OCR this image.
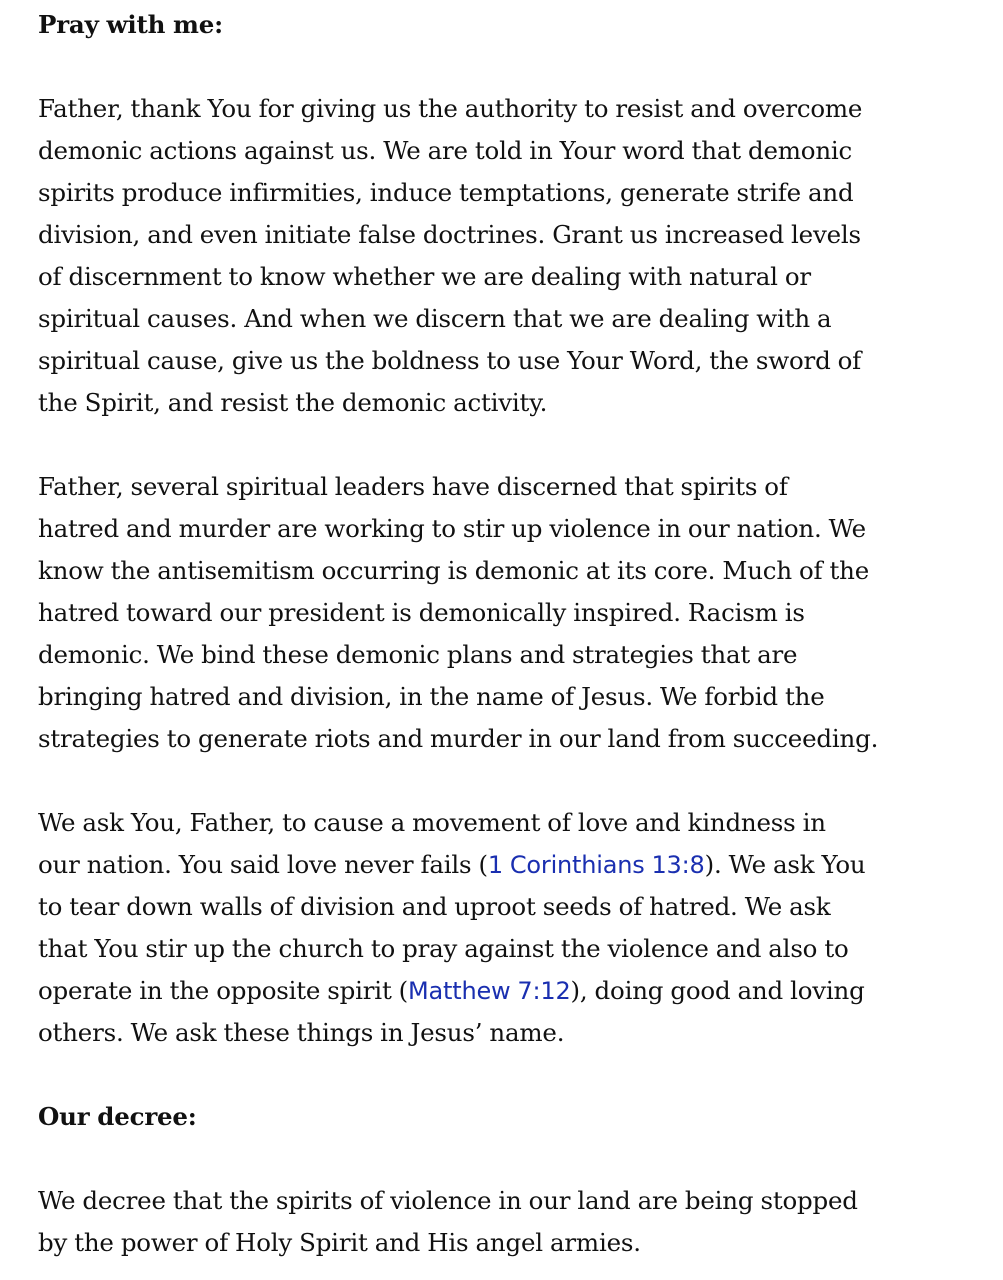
Pray with me:
Father, thank You for giving us the authority to resist and overcome
demonic actions against us. We are told in Your word that demonic
spirits produce infirmities, induce temptations, generate strife and
division, and even initiate false doctrines. Grant us increased levels
of discernment to know whether we are dealing with natural or
spiritual causes. And when we discern that we are dealing with a
spiritual cause, give us the boldness to use Your Word, the sword of
the Spirit, and resist the demonic activity.
Father, several spiritual leaders have discerned that spirits of
hatred and murder are working to stir up violence in our nation. We
know the antisemitism occurring is demonic at its core. Much of the
hatred toward our president is demonically inspired. Racism is
demonic. We bind these demonic plans and strategies that are
bringing hatred and division, in the name of Jesus. We forbid the
strategies to generate riots and murder in our land from succeeding.
We ask You, Father, to cause a movement of love and kindness in
our nation. You said love never fails (1 Corinthians 13:8). We ask You
to tear down walls of division and uproot seeds of hatred. We ask
that You stir up the church to pray against the violence and also to
operate in the opposite spirit (Matthew 7:12), doing good and loving
others. We ask these things in Jesus’ name.
Our decree:
We decree that the spirits of violence in our land are being stopped
by the power of Holy Spirit and His angel armies.
